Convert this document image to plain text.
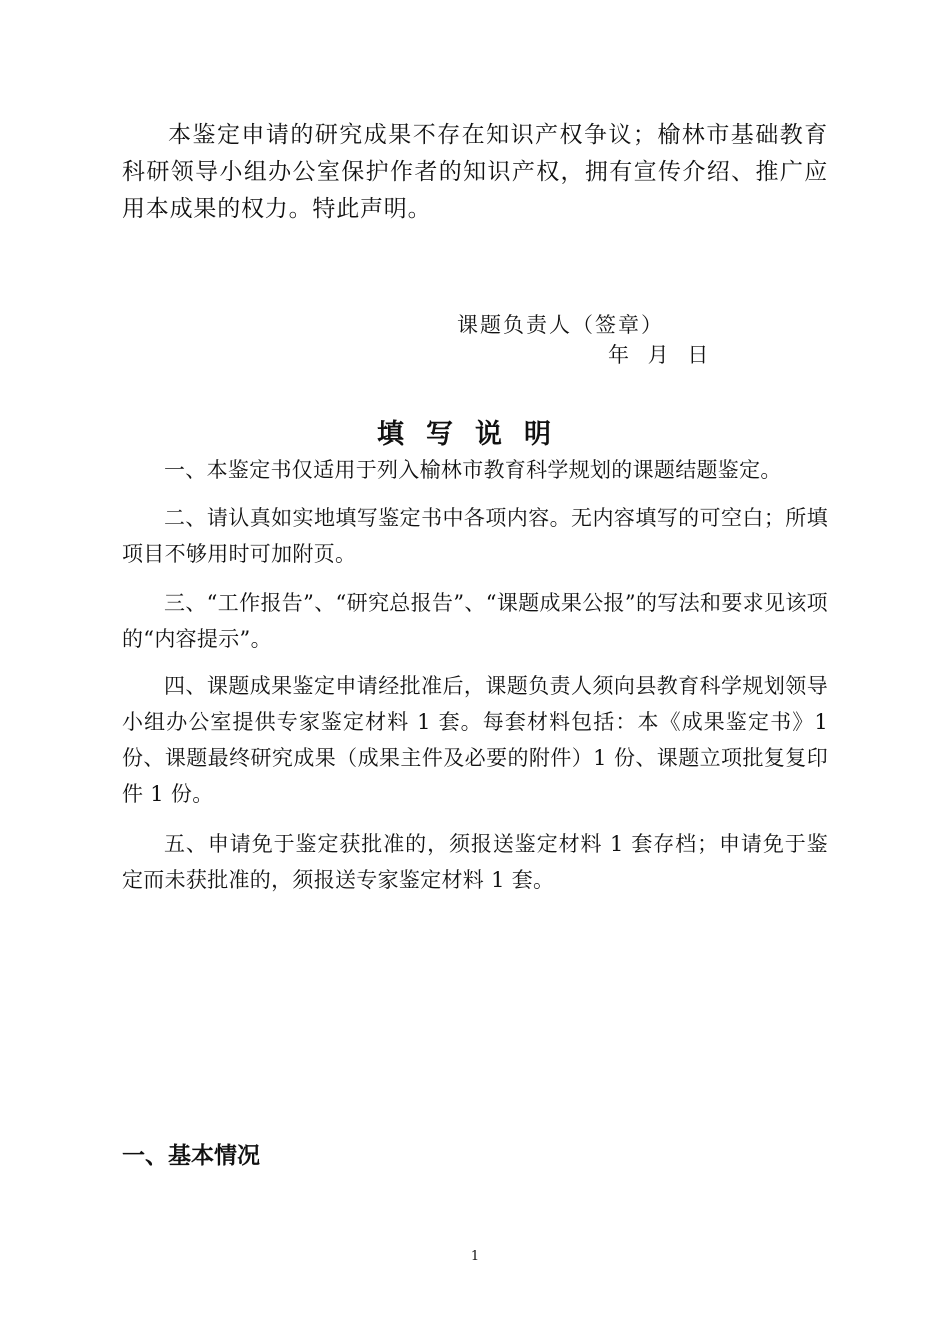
本鉴定申请的研究成果不存在知识产权争议；榆林市基础教育科研领导小组办公室保护作者的知识产权，拥有宣传介绍、推广应用本成果的权力。特此声明。

课题负责人（签章）
年 月 日
填写说明

一、本鉴定书仅适用于列入榆林市教育科学规划的课题结题鉴定。

二、请认真如实地填写鉴定书中各项内容。无内容填写的可空白；所填项目不够用时可加附页。

三、“工作报告”、“研究总报告”、“课题成果公报”的写法和要求见该项的“内容提示”。

四、课题成果鉴定申请经批准后，课题负责人须向县教育科学规划领导小组办公室提供专家鉴定材料 1 套。每套材料包括：本《成果鉴定书》1 份、课题最终研究成果（成果主件及必要的附件）1 份、课题立项批复复印件 1 份。

五、申请免于鉴定获批准的，须报送鉴定材料 1 套存档；申请免于鉴定而未获批准的，须报送专家鉴定材料 1 套。

一、基本情况
1
